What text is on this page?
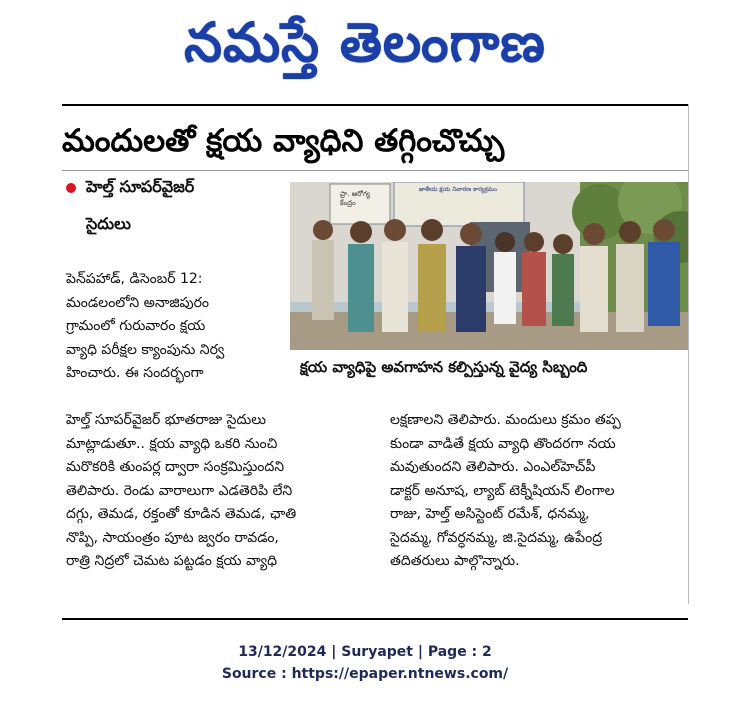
నమస్తే తెలంగాణ
మందులతో క్షయ వ్యాధిని తగ్గించొచ్చు
హెల్త్ సూపర్‌వైజర్
సైదులు
ప్రా. ఆరోగ్య కేంద్రం
జాతీయ క్షయ నివారణ కార్యక్రమం
క్షయ వ్యాధిపై అవగాహన కల్పిస్తున్న వైద్య సిబ్బంది

పెన్‌పహాడ్, డిసెంబర్ 12:

మండలంలోని అనాజిపురం

గ్రామంలో గురువారం క్షయ

వ్యాధి పరీక్షల క్యాంపును నిర్వ

హించారు. ఈ సందర్భంగా

హెల్త్ సూపర్‌వైజర్ భూతరాజు సైదులు

మాట్లాడుతూ.. క్షయ వ్యాధి ఒకరి నుంచి

మరొకరికి తుంపర్ల ద్వారా సంక్రమిస్తుందని

తెలిపారు. రెండు వారాలుగా ఎడతెరిపి లేని

దగ్గు, తెమడ, రక్తంతో కూడిన తెమడ, ఛాతి

నొప్పి, సాయంత్రం పూట జ్వరం రావడం,

రాత్రి నిద్రలో చెమట పట్టడం క్షయ వ్యాధి

లక్షణాలని తెలిపారు. మందులు క్రమం తప్ప

కుండా వాడితే క్షయ వ్యాధి తొందరగా నయ

మవుతుందని తెలిపారు. ఎంఎల్‌హెచ్‌పీ

డాక్టర్ అనూష, ల్యాబ్ టెక్నీషియన్ లింగాల

రాజు, హెల్త్ అసిస్టెంట్ రమేశ్, ధనమ్మ,

సైదమ్మ, గోవర్ధనమ్మ, జి.సైదమ్మ, ఉపేంద్ర

తదితరులు పాల్గొన్నారు.

13/12/2024 | Suryapet | Page : 2
Source : https://epaper.ntnews.com/
